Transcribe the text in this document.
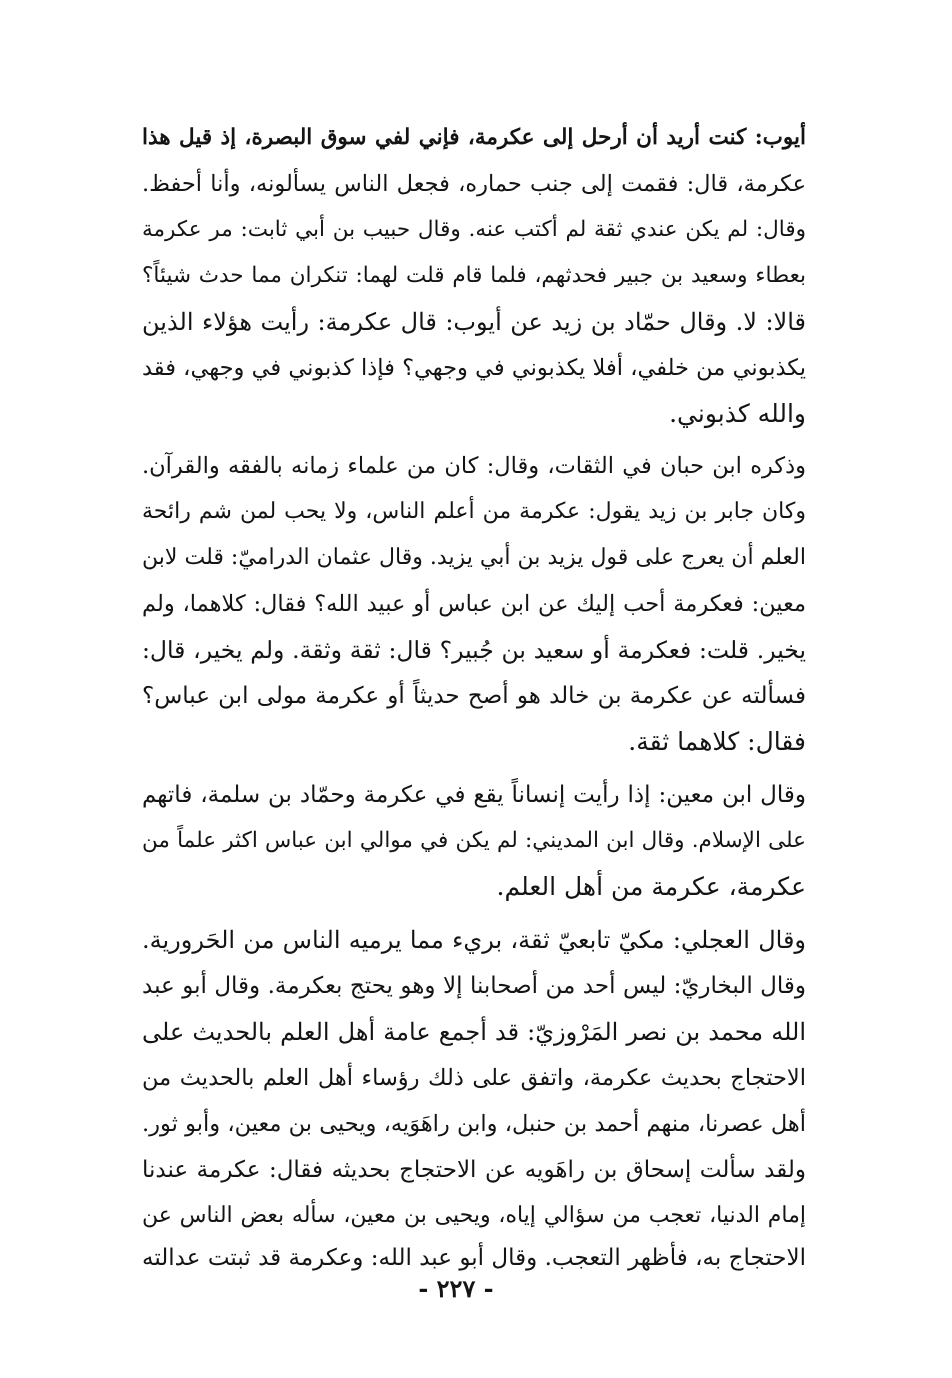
أيوب: كنت أريد أن أرحل إلى عكرمة، فإني لفي سوق البصرة، إذ قيل هذا
عكرمة، قال: فقمت إلى جنب حماره، فجعل الناس يسألونه، وأنا أحفظ.
وقال: لم يكن عندي ثقة لم أكتب عنه. وقال حبيب بن أبي ثابت: مر عكرمة
بعطاء وسعيد بن جبير فحدثهم، فلما قام قلت لهما: تنكران مما حدث شيئاً؟
قالا: لا. وقال حمّاد بن زيد عن أيوب: قال عكرمة: رأيت هؤلاء الذين
يكذبوني من خلفي، أفلا يكذبوني في وجهي؟ فإذا كذبوني في وجهي، فقد
والله كذبوني.
وذكره ابن حبان في الثقات، وقال: كان من علماء زمانه بالفقه والقرآن.
وكان جابر بن زيد يقول: عكرمة من أعلم الناس، ولا يحب لمن شم رائحة
العلم أن يعرج على قول يزيد بن أبي يزيد. وقال عثمان الدراميّ: قلت لابن
معين: فعكرمة أحب إليك عن ابن عباس أو عبيد الله؟ فقال: كلاهما، ولم
يخير. قلت: فعكرمة أو سعيد بن جُبير؟ قال: ثقة وثقة. ولم يخير، قال:
فسألته عن عكرمة بن خالد هو أصح حديثاً أو عكرمة مولى ابن عباس؟
فقال: كلاهما ثقة.
وقال ابن معين: إذا رأيت إنساناً يقع في عكرمة وحمّاد بن سلمة، فاتهم
على الإسلام. وقال ابن المديني: لم يكن في موالي ابن عباس اكثر علماً من
عكرمة، عكرمة من أهل العلم.
وقال العجلي: مكيّ تابعيّ ثقة، بريء مما يرميه الناس من الحَرورية.
وقال البخاريّ: ليس أحد من أصحابنا إلا وهو يحتج بعكرمة. وقال أبو عبد
الله محمد بن نصر المَرْوزيّ: قد أجمع عامة أهل العلم بالحديث على
الاحتجاج بحديث عكرمة، واتفق على ذلك رؤساء أهل العلم بالحديث من
أهل عصرنا، منهم أحمد بن حنبل، وابن راهَوَيه، ويحيى بن معين، وأبو ثور.
ولقد سألت إسحاق بن راهَويه عن الاحتجاج بحديثه فقال: عكرمة عندنا
إمام الدنيا، تعجب من سؤالي إياه، ويحيى بن معين، سأله بعض الناس عن
الاحتجاج به، فأظهر التعجب. وقال أبو عبد الله: وعكرمة قد ثبتت عدالته
- ٢٢٧ -
